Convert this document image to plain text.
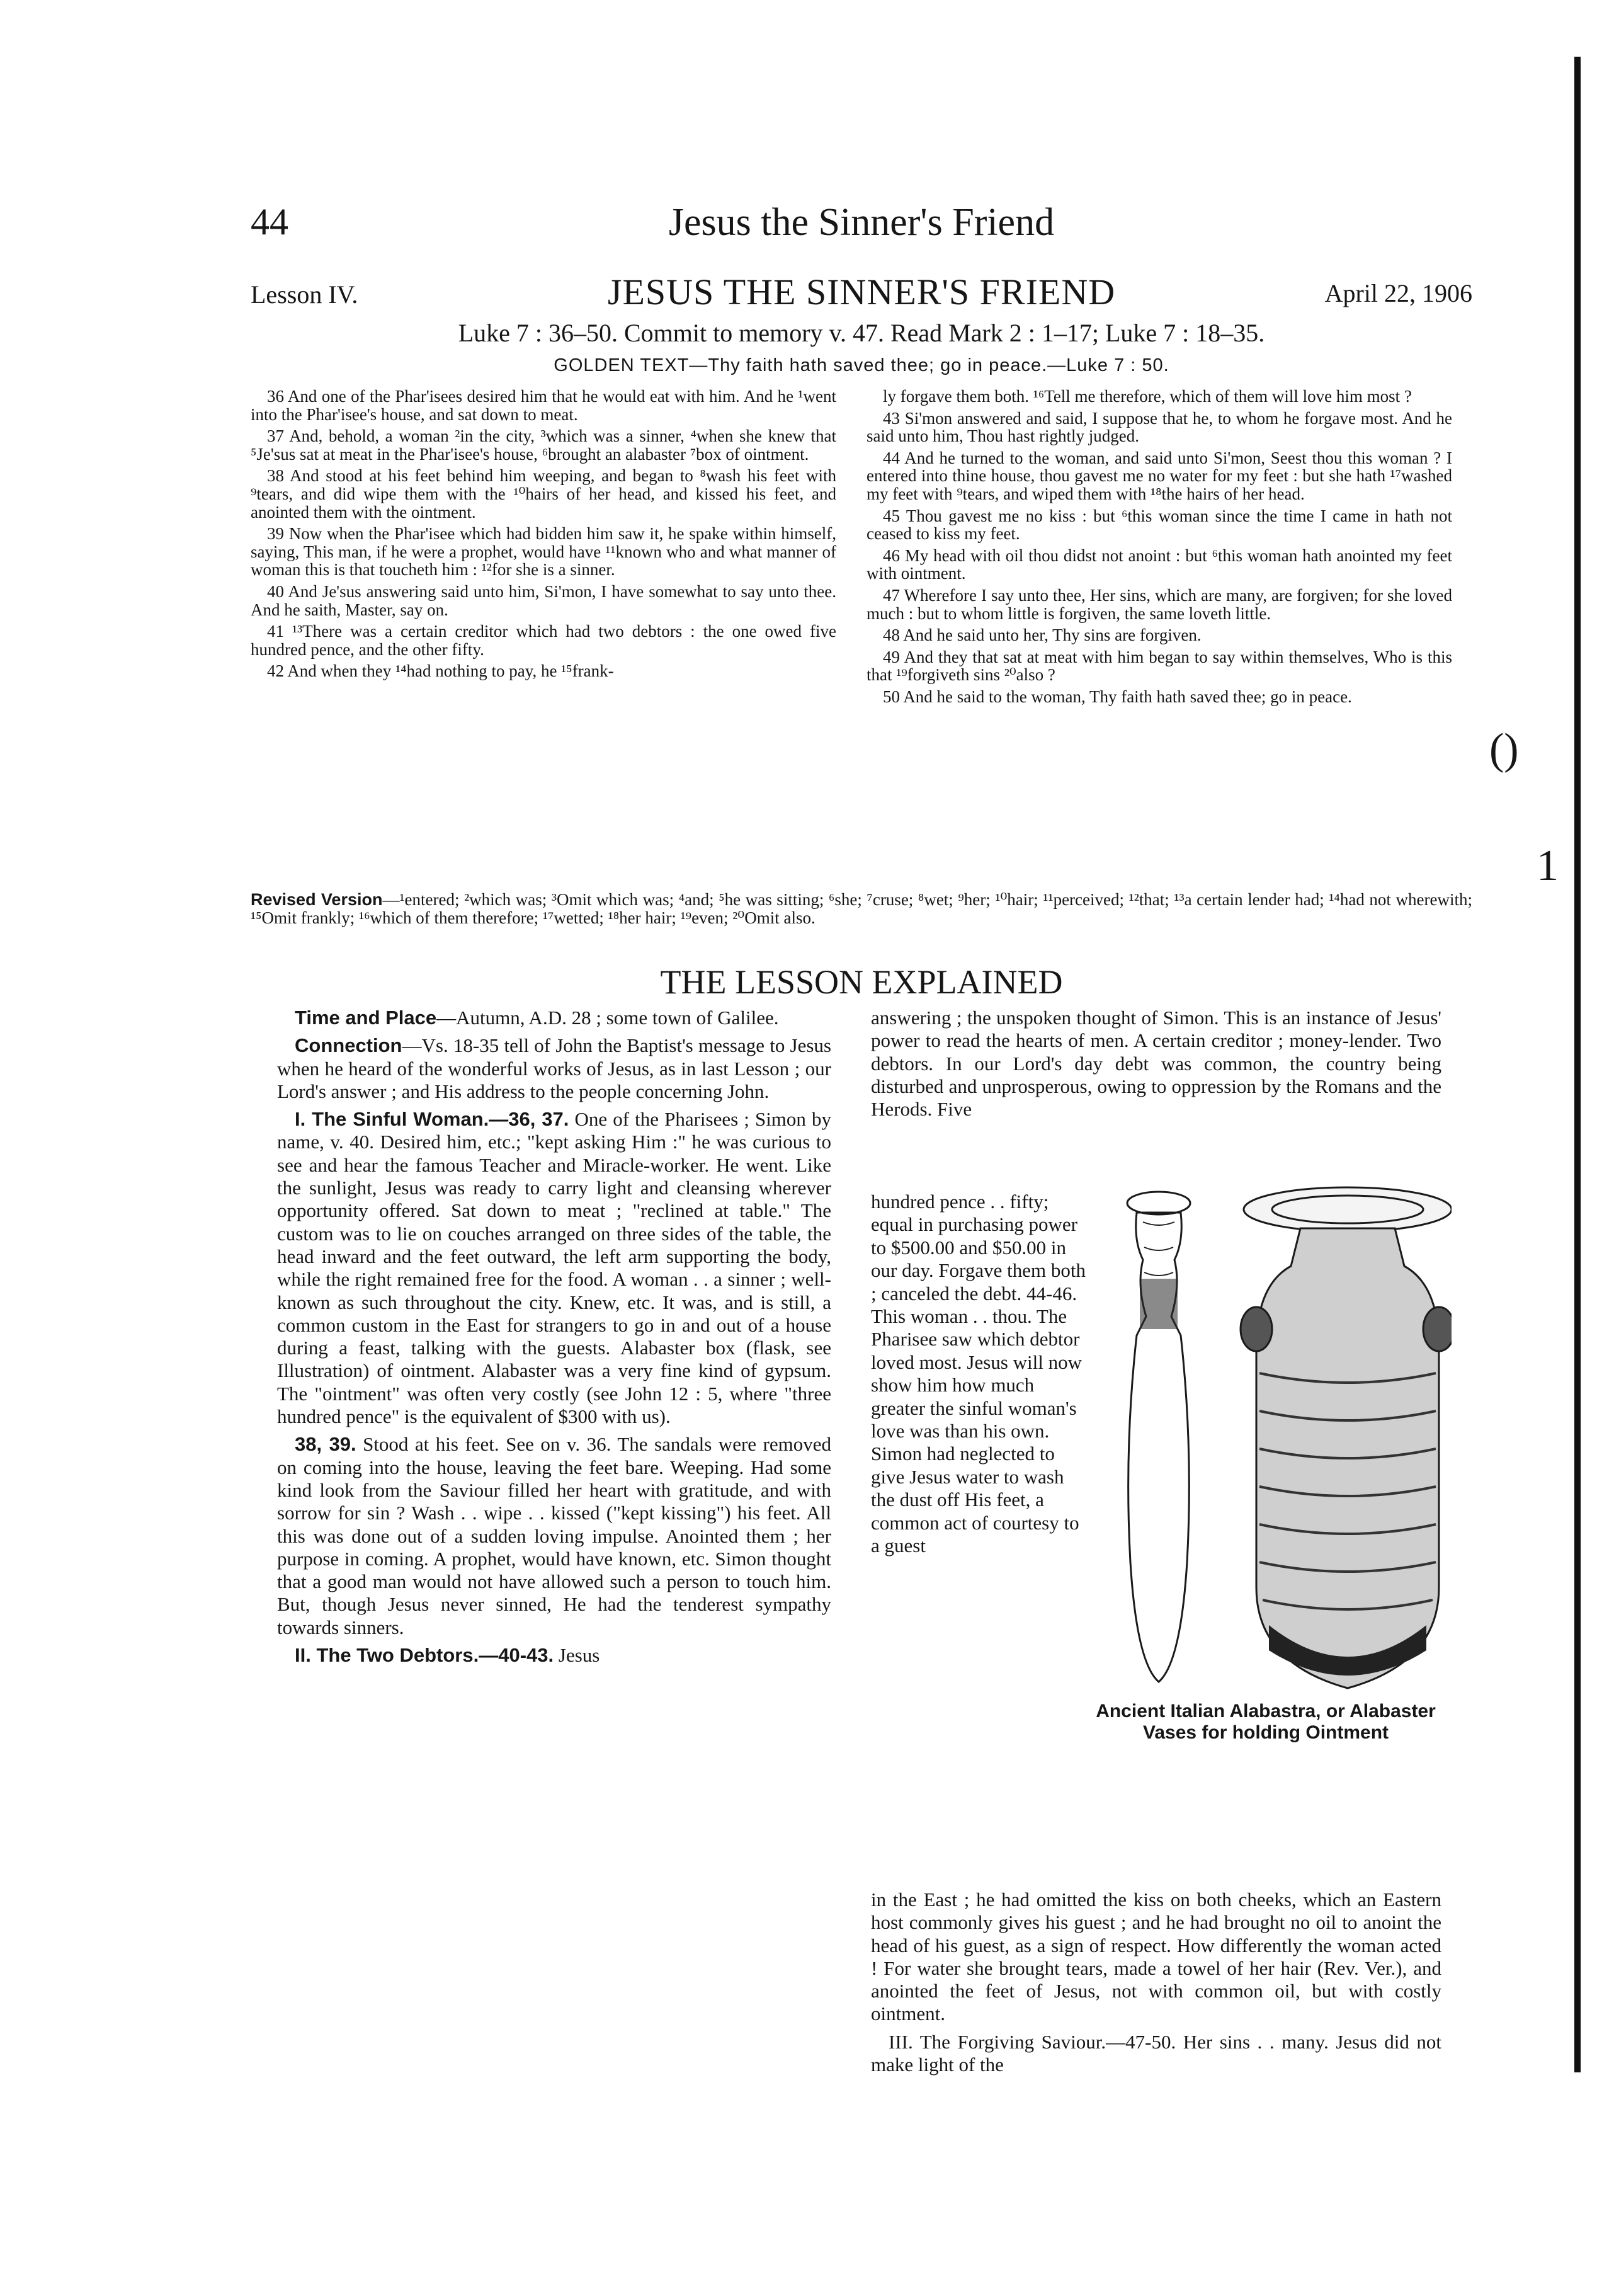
44	Jesus the Sinner's Friend
Lesson IV.	JESUS THE SINNER'S FRIEND	April 22, 1906
Luke 7 : 36–50. Commit to memory v. 47. Read Mark 2 : 1–17; Luke 7 : 18–35.
GOLDEN TEXT—Thy faith hath saved thee; go in peace.—Luke 7 : 50.

36 And one of the Phar'isees desired him that he would eat with him. And he ¹went into the Phar'isee's house, and sat down to meat.

37 And, behold, a woman ²in the city, ³which was a sinner, ⁴when she knew that ⁵Je'sus sat at meat in the Phar'isee's house, ⁶brought an alabaster ⁷box of ointment.

38 And stood at his feet behind him weeping, and began to ⁸wash his feet with ⁹tears, and did wipe them with the ¹⁰hairs of her head, and kissed his feet, and anointed them with the ointment.

39 Now when the Phar'isee which had bidden him saw it, he spake within himself, saying, This man, if he were a prophet, would have ¹¹known who and what manner of woman this is that toucheth him : ¹²for she is a sinner.

40 And Je'sus answering said unto him, Si'mon, I have somewhat to say unto thee. And he saith, Master, say on.

41 ¹³There was a certain creditor which had two debtors : the one owed five hundred pence, and the other fifty.

42 And when they ¹⁴had nothing to pay, he ¹⁵frank-

ly forgave them both. ¹⁶Tell me therefore, which of them will love him most ?

43 Si'mon answered and said, I suppose that he, to whom he forgave most. And he said unto him, Thou hast rightly judged.

44 And he turned to the woman, and said unto Si'mon, Seest thou this woman ? I entered into thine house, thou gavest me no water for my feet : but she hath ¹⁷washed my feet with ⁹tears, and wiped them with ¹⁸the hairs of her head.

45 Thou gavest me no kiss : but ⁶this woman since the time I came in hath not ceased to kiss my feet.

46 My head with oil thou didst not anoint : but ⁶this woman hath anointed my feet with ointment.

47 Wherefore I say unto thee, Her sins, which are many, are forgiven; for she loved much : but to whom little is forgiven, the same loveth little.

48 And he said unto her, Thy sins are forgiven.

49 And they that sat at meat with him began to say within themselves, Who is this that ¹⁹forgiveth sins ²⁰also ?

50 And he said to the woman, Thy faith hath saved thee; go in peace.

Revised Version—¹entered; ²which was; ³Omit which was; ⁴and; ⁵he was sitting; ⁶she; ⁷cruse; ⁸wet; ⁹her; ¹⁰hair; ¹¹perceived; ¹²that; ¹³a certain lender had; ¹⁴had not wherewith; ¹⁵Omit frankly; ¹⁶which of them therefore; ¹⁷wetted; ¹⁸her hair; ¹⁹even; ²⁰Omit also.
THE LESSON EXPLAINED

Time and Place—Autumn, A.D. 28 ; some town of Galilee.

Connection—Vs. 18-35 tell of John the Baptist's message to Jesus when he heard of the wonderful works of Jesus, as in last Lesson ; our Lord's answer ; and His address to the people concerning John.

I. The Sinful Woman.—36, 37. One of the Pharisees ; Simon by name, v. 40. Desired him, etc.; "kept asking Him :" he was curious to see and hear the famous Teacher and Miracle-worker. He went. Like the sunlight, Jesus was ready to carry light and cleansing wherever opportunity offered. Sat down to meat ; "reclined at table." The custom was to lie on couches arranged on three sides of the table, the head inward and the feet outward, the left arm supporting the body, while the right remained free for the food. A woman . . a sinner ; well-known as such throughout the city. Knew, etc. It was, and is still, a common custom in the East for strangers to go in and out of a house during a feast, talking with the guests. Alabaster box (flask, see Illustration) of ointment. Alabaster was a very fine kind of gypsum. The "ointment" was often very costly (see John 12 : 5, where "three hundred pence" is the equivalent of $300 with us).

38, 39. Stood at his feet. See on v. 36. The sandals were removed on coming into the house, leaving the feet bare. Weeping. Had some kind look from the Saviour filled her heart with gratitude, and with sorrow for sin ? Wash . . wipe . . kissed ("kept kissing") his feet. All this was done out of a sudden loving impulse. Anointed them ; her purpose in coming. A prophet, would have known, etc. Simon thought that a good man would not have allowed such a person to touch him. But, though Jesus never sinned, He had the tenderest sympathy towards sinners.

II. The Two Debtors.—40-43. Jesus

answering ; the unspoken thought of Simon. This is an instance of Jesus' power to read the hearts of men. A certain creditor ; money-lender. Two debtors. In our Lord's day debt was common, the country being disturbed and unprosperous, owing to oppression by the Romans and the Herods. Five

hundred pence . . fifty; equal in purchasing power to $500.00 and $50.00 in our day. Forgave them both ; canceled the debt. 44-46. This woman . . thou. The Pharisee saw which debtor loved most. Jesus will now show him how much greater the sinful woman's love was than his own. Simon had neglected to give Jesus water to wash the dust off His feet, a common act of courtesy to a guest

Ancient Italian Alabastra, or Alabaster Vases for holding Ointment

in the East ; he had omitted the kiss on both cheeks, which an Eastern host commonly gives his guest ; and he had brought no oil to anoint the head of his guest, as a sign of respect. How differently the woman acted ! For water she brought tears, made a towel of her hair (Rev. Ver.), and anointed the feet of Jesus, not with common oil, but with costly ointment.

III. The Forgiving Saviour.—47-50. Her sins . . many. Jesus did not make light of the

()
1
